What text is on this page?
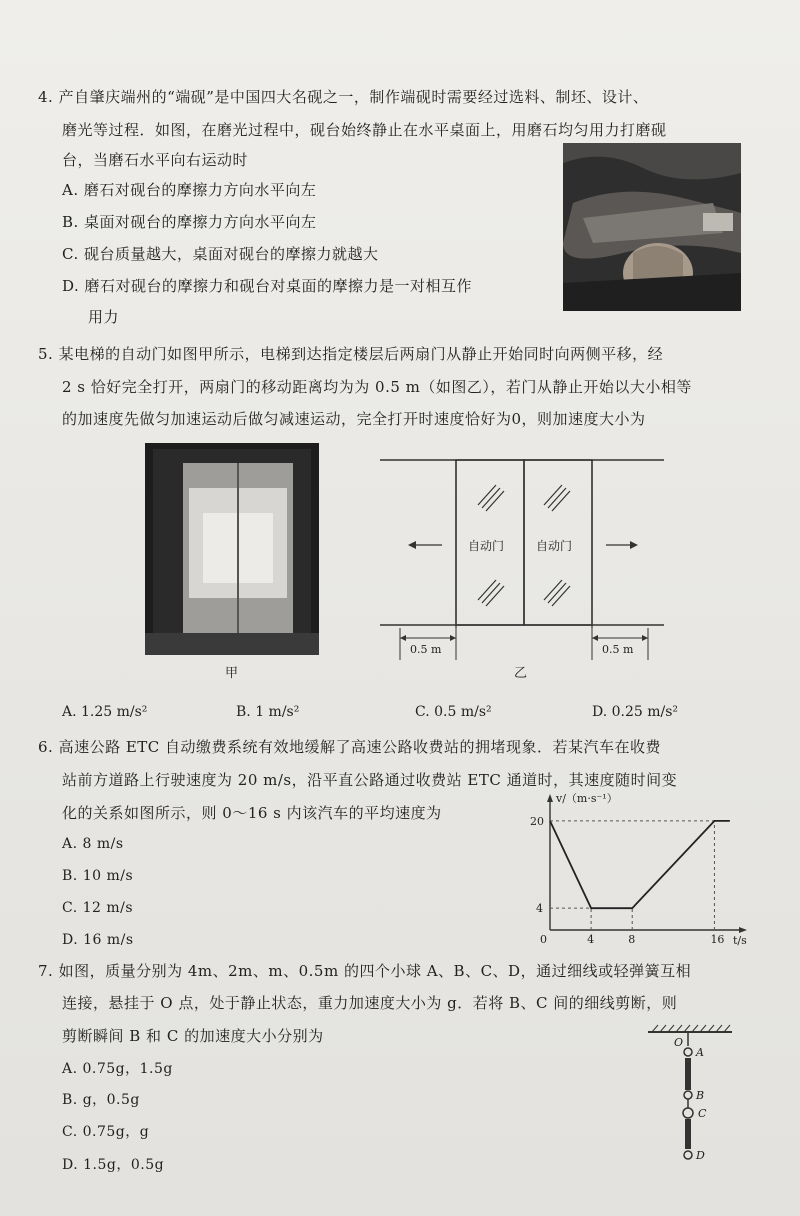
4. 产自肇庆端州的“端砚”是中国四大名砚之一，制作端砚时需要经过选料、制坯、设计、
磨光等过程．如图，在磨光过程中，砚台始终静止在水平桌面上，用磨石均匀用力打磨砚
台，当磨石水平向右运动时
A. 磨石对砚台的摩擦力方向水平向左
B. 桌面对砚台的摩擦力方向水平向左
C. 砚台质量越大，桌面对砚台的摩擦力就越大
D. 磨石对砚台的摩擦力和砚台对桌面的摩擦力是一对相互作
用力
5. 某电梯的自动门如图甲所示，电梯到达指定楼层后两扇门从静止开始同时向两侧平移，经
2 s 恰好完全打开，两扇门的移动距离均为为 0.5 m（如图乙），若门从静止开始以大小相等
的加速度先做匀加速运动后做匀减速运动，完全打开时速度恰好为0，则加速度大小为
甲
自动门	自动门
0.5 m	0.5 m
乙
A. 1.25 m/s²	B. 1 m/s²	C. 0.5 m/s²	D. 0.25 m/s²
6. 高速公路 ETC 自动缴费系统有效地缓解了高速公路收费站的拥堵现象．若某汽车在收费
站前方道路上行驶速度为 20 m/s，沿平直公路通过收费站 ETC 通道时，其速度随时间变
化的关系如图所示，则 0～16 s 内该汽车的平均速度为
A. 8 m/s
B. 10 m/s
C. 12 m/s
D. 16 m/s	0	4	8	16
4
20
v/（m·s⁻¹）
t/s
7. 如图，质量分别为 4m、2m、m、0.5m 的四个小球 A、B、C、D，通过细线或轻弹簧互相
连接，悬挂于 O 点，处于静止状态，重力加速度大小为 g．若将 B、C 间的细线剪断，则
剪断瞬间 B 和 C 的加速度大小分别为
A. 0.75g，1.5g
B. g，0.5g
C. 0.75g，g
D. 1.5g，0.5g
O
A
B
C
D
